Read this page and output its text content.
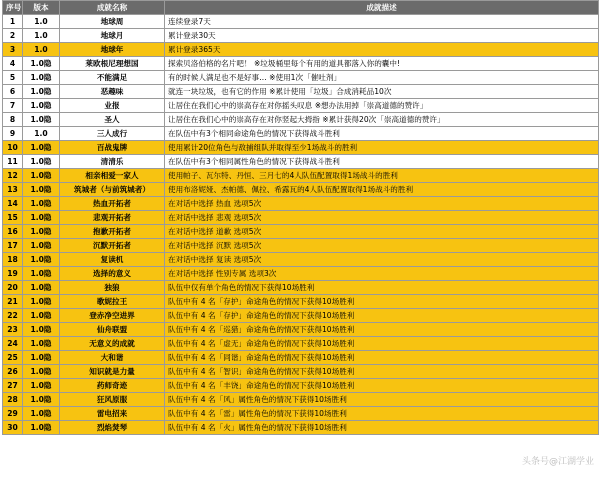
序号	版本	成就名称	成就描述
1	1.0	地球周	连续登录7天
2	1.0	地球月	累计登录30天
3	1.0	地球年	累计登录365天
4	1.0隐	莱欧根尼理想国	探索贝洛伯格的名片吧！ ※垃圾桶里每个有用的道具都落入你的囊中!
5	1.0隐	不能满足	有的时候人满足也不是好事… ※使用1次「催吐剂」
6	1.0隐	恶趣味	就连一块垃圾，也有它的作用 ※累计使用「垃圾」合成消耗品10次
7	1.0隐	业报	让居住在我们心中的崇高存在对你摇头叹息 ※想办法用掉「崇高道德的赞许」
8	1.0隐	圣人	让居住在我们心中的崇高存在对你竖起大拇指 ※累计获得20次「崇高道德的赞许」
9	1.0	三人成行	在队伍中有3个相同命途角色的情况下获得战斗胜利
10	1.0隐	百战鬼牌	使用累计20位角色与敌捕组队并取得至少1场战斗的胜利
11	1.0隐	清清乐	在队伍中有3个相同属性角色的情况下获得战斗胜利
12	1.0隐	相亲相爱一家人	使用帕子、瓦尔特、丹恒、三月七的4人队伍配置取得1场战斗的胜利
13	1.0隐	筑城者（与前筑城者）	使用布洛妮娅、杰帕德、佩拉、希露瓦的4人队伍配置取得1场战斗的胜利
14	1.0隐	热血开拓者	在对话中选择 热血 选项5次
15	1.0隐	悲观开拓者	在对话中选择 悲观 选项5次
16	1.0隐	抱歉开拓者	在对话中选择 道歉 选项5次
17	1.0隐	沉默开拓者	在对话中选择 沉默 选项5次
18	1.0隐	复读机	在对话中选择 复读 选项5次
19	1.0隐	选择的意义	在对话中选择 性别专属 选项3次
20	1.0隐	独狼	队伍中仅有单个角色的情况下获得10场胜利
21	1.0隐	歌妮拉王	队伍中有 4 名「存护」命途角色的情况下获得10场胜利
22	1.0隐	登赤净空进界	队伍中有 4 名「存护」命途角色的情况下获得10场胜利
23	1.0隐	仙舟联盟	队伍中有 4 名「巡猎」命途角色的情况下获得10场胜利
24	1.0隐	无意义的成就	队伍中有 4 名「虚无」命途角色的情况下获得10场胜利
25	1.0隐	大和谐	队伍中有 4 名「同谐」命途角色的情况下获得10场胜利
26	1.0隐	知识就是力量	队伍中有 4 名「智识」命途角色的情况下获得10场胜利
27	1.0隐	药师奇迹	队伍中有 4 名「丰饶」命途角色的情况下获得10场胜利
28	1.0隐	狂风原服	队伍中有 4 名「风」属性角色的情况下获得10场胜利
29	1.0隐	雷电招来	队伍中有 4 名「雷」属性角色的情况下获得10场胜利
30	1.0隐	烈焰焚琴	队伍中有 4 名「火」属性角色的情况下获得10场胜利
头条号@江湖学业
